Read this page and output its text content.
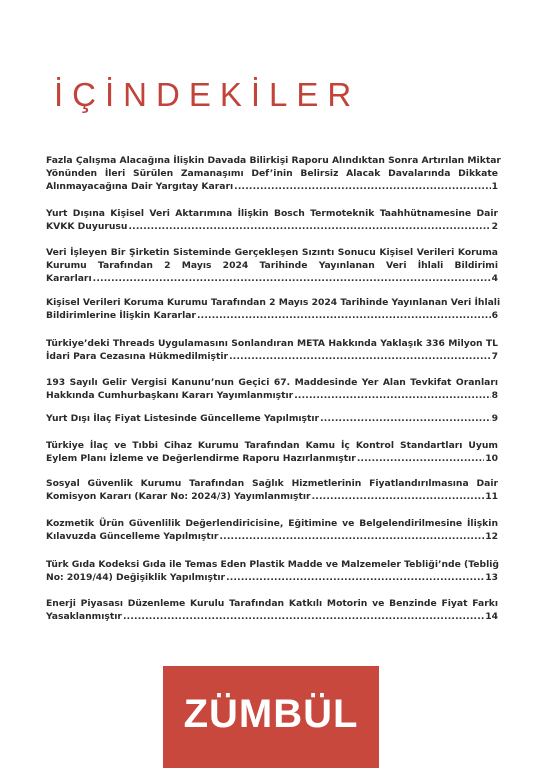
İÇİNDEKİLER
Fazla Çalışma Alacağına İlişkin Davada Bilirkişi Raporu Alındıktan Sonra Artırılan Miktar
Yönünden İleri Sürülen Zamanaşımı Def’inin Belirsiz Alacak Davalarında Dikkate
Alınmayacağına Dair Yargıtay Kararı .....	1
Yurt Dışına Kişisel Veri Aktarımına İlişkin Bosch Termoteknik Taahhütnamesine Dair
KVKK Duyurusu .....	2
Veri İşleyen Bir Şirketin Sisteminde Gerçekleşen Sızıntı Sonucu Kişisel Verileri Koruma
Kurumu Tarafından 2 Mayıs 2024 Tarihinde Yayınlanan Veri İhlali Bildirimi
Kararları .....	4
Kişisel Verileri Koruma Kurumu Tarafından 2 Mayıs 2024 Tarihinde Yayınlanan Veri İhlali
Bildirimlerine İlişkin Kararlar .....	6
Türkiye’deki Threads Uygulamasını Sonlandıran META Hakkında Yaklaşık 336 Milyon TL
İdari Para Cezasına Hükmedilmiştir .....	7
193 Sayılı Gelir Vergisi Kanunu’nun Geçici 67. Maddesinde Yer Alan Tevkifat Oranları
Hakkında Cumhurbaşkanı Kararı Yayımlanmıştır .....	8
Yurt Dışı İlaç Fiyat Listesinde Güncelleme Yapılmıştır .....	9
Türkiye İlaç ve Tıbbi Cihaz Kurumu Tarafından Kamu İç Kontrol Standartları Uyum
Eylem Planı İzleme ve Değerlendirme Raporu Hazırlanmıştır .....	10
Sosyal Güvenlik Kurumu Tarafından Sağlık Hizmetlerinin Fiyatlandırılmasına Dair
Komisyon Kararı (Karar No: 2024/3) Yayımlanmıştır .....	11
Kozmetik Ürün Güvenlilik Değerlendiricisine, Eğitimine ve Belgelendirilmesine İlişkin
Kılavuzda Güncelleme Yapılmıştır .....	12
Türk Gıda Kodeksi Gıda ile Temas Eden Plastik Madde ve Malzemeler Tebliği’nde (Tebliğ
No: 2019/44) Değişiklik Yapılmıştır .....	13
Enerji Piyasası Düzenleme Kurulu Tarafından Katkılı Motorin ve Benzinde Fiyat Farkı
Yasaklanmıştır .....	14
ZÜMBÜL
